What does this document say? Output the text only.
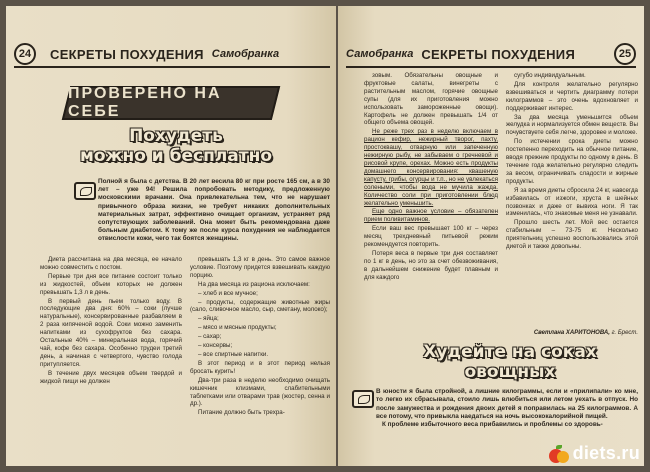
24	СЕКРЕТЫ ПОХУДЕНИЯ Самобранка
ПРОВЕРЕНО НА СЕБЕ
Похудеть
можно и бесплатно
Полной я была с детства. В 20 лет весила 80 кг при росте 165 см, а в 30 лет – уже 94! Решила попробовать методику, предложенную московскими врачами. Она привлекательна тем, что не нарушает привычного образа жизни, не требует никаких дополнительных материальных затрат, эффективно очищает организм, устраняет ряд сопутствующих заболеваний. Она может быть рекомендована даже больным диабетом. К тому же после курса похудения не наблюдается отвислости кожи, чего так боятся женщины.

Диета рассчитана на два месяца, ее начало можно совместить с постом.

Первые три дня все питание состоит только из жидкостей, объем которых не должен превышать 1,3 л в день.

В первый день пьем только воду. В последующие два дня: 60% – соки (лучше натуральные), консервированные разбавляем в 2 раза кипяченой водой. Соки можно заменить напитками из сухофруктов без сахара. Остальные 40% – минеральная вода, горячий чай, кофе без сахара. Особенно трудеи третий день, а начиная с четвертого, чувство голода притупляется.

В течение двух месяцев объем твердой и жидкой пищи не должен

превышать 1,3 кг в день. Это самое важное условие. Поэтому придется взвешивать каждую порцию.

На два месяца из рациона исключаем:

– хлеб и все мучное;

– продукты, содержащие животные жиры (сало, сливочное масло, сыр, сметану, молоко);

– яйца;

– мясо и мясные продукты;

– сахар;

– консервы;

– все спиртные напитки.

В этот период и в этот период нельзя бросать курить!

Два-три раза в неделю необходимо очищать кишечник клизмами, слабительными таблетками или отварами трав (жостер, сенна и др.).

Питание должно быть трехра-

Самобранка СЕКРЕТЫ ПОХУДЕНИЯ	25

зовым. Обязательны овощные и фруктовые салаты, винегреты с растительным маслом, горячие овощные супы (для их приготовления можно использовать замороженные овощи). Картофель не должен превышать 1/4 от общего объема овощей.

Не реже трех раз в неделю включаем в рацион кефир, нежирный творог, пахту, простоквашу, отварную или запеченную нежирную рыбу, не забываем о гречневой и рисовой крупе, орехах. Можно есть продукты домашнего консервирования: квашеную капусту, грибы, огурцы и т.п., но не увлекаться солеными, чтобы вода не мучила жажда. Количество соли при приготовлении блюд желательно уменьшить.

Еще одно важное условие – обязателен прием поливитаминов.

Если ваш вес превышает 100 кг – через месяц трехдневный питьевой режим рекомендуется повторить.

Потеря веса в первые три дня составляет по 1 кг в день, но это за счет обезвоживания, в дальнейшем снижение будет плавным и для каждого

сугубо индивидуальным.

Для контроля желательно регулярно взвешиваться и чертить диаграмму потери килограммов – это очень вдохновляет и поддерживает интерес.

За два месяца уменьшится объем желудка и нормализуется обмен веществ. Вы почувствуете себя легче, здоровее и моложе.

По истечении срока диеты можно постепенно переходить на обычное питание, вводя прежние продукты по одному в день. В течение года желательно регулярно следить за весом, ограничивать сладости и жирные продукты.

Я за время диеты сбросила 24 кг, навсегда избавилась от изжоги, хруста в шейных позвонках и даже от вывиха ноги. Я так изменилась, что знакомые меня не узнавали.

Прошло шесть лет. Мой вес остается стабильным – 73-75 кг. Несколько приятельниц успешно воспользовались этой диетой и также довольны.

Светлана ХАРИТОНОВА, г. Брест.
Худейте на соках
овощных
В юности я была стройной, а лишние килограммы, если и «прилипали» ко мне, то легко их сбрасывала, стоило лишь влюбиться или летом уехать в отпуск. Но после замужества и рождения двоих детей я поправилась на 25 килограммов. А все потому, что привыкла наедаться на ночь высококалорийной пищей.
К проблеме избыточного веса прибавились и проблемы со здоровь-
diets.ru
